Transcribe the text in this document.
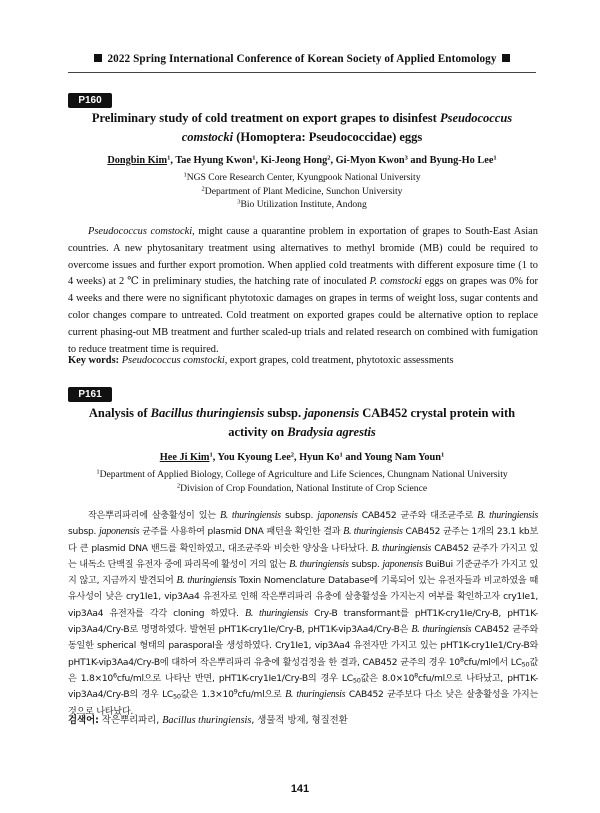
2022 Spring International Conference of Korean Society of Applied Entomology
P160
Preliminary study of cold treatment on export grapes to disinfest Pseudococcus comstocki (Homoptera: Pseudococcidae) eggs
Dongbin Kim$^1$, Tae Hyung Kwon$^1$, Ki-Jeong Hong$^2$, Gi-Myon Kwon$^3$ and Byung-Ho Lee$^1$
$^1$NGS Core Research Center, Kyungpook National University
$^2$Department of Plant Medicine, Sunchon University
$^3$Bio Utilization Institute, Andong
Pseudococcus comstocki, might cause a quarantine problem in exportation of grapes to South-East Asian countries. A new phytosanitary treatment using alternatives to methyl bromide (MB) could be required to overcome issues and further export promotion. When applied cold treatments with different exposure time (1 to 4 weeks) at 2 ℃ in preliminary studies, the hatching rate of inoculated P. comstocki eggs on grapes was 0% for 4 weeks and there were no significant phytotoxic damages on grapes in terms of weight loss, sugar contents and color changes compare to untreated. Cold treatment on exported grapes could be alternative option to replace current phasing-out MB treatment and further scaled-up trials and related research on combined with fumigation to reduce treatment time is required.
Key words: Pseudococcus comstocki, export grapes, cold treatment, phytotoxic assessments
P161
Analysis of Bacillus thuringiensis subsp. japonensis CAB452 crystal protein with activity on Bradysia agrestis
Hee Ji Kim$^1$, You Kyoung Lee$^2$, Hyun Ko$^1$ and Young Nam Youn$^1$
$^1$Department of Applied Biology, College of Agriculture and Life Sciences, Chungnam National University
$^2$Division of Crop Foundation, National Institute of Crop Science
작은뿌리파리에 살충활성이 있는 B. thuringiensis subsp. japonensis CAB452 균주와 대조균주로 B. thuringiensis subsp. japonensis 균주를 사용하여 plasmid DNA 패턴을 확인한 결과 B. thuringiensis CAB452 균주는 1개의 23.1 kb보다 큰 plasmid DNA 밴드를 확인하였고, 대조균주와 비슷한 양상을 나타났다. B. thuringiensis CAB452 균주가 가지고 있는 내독소 단백질 유전자 중에 파리목에 활성이 거의 없는 B. thuringiensis subsp. japonensis BuiBui 기준균주가 가지고 있지 않고, 지금까지 발견되어 B. thuringiensis Toxin Nomenclature Database에 기록되어 있는 유전자들과 비교하였을 때 유사성이 낮은 cry1Ie1, vip3Aa4 유전자로 인해 작은뿌리파리 유충에 살충활성을 가지는지 여부를 확인하고자 cry1Ie1, vip3Aa4 유전자를 각각 cloning 하였다. B. thuringiensis Cry-B transformant를 pHT1K-cry1Ie/Cry-B, pHT1K-vip3Aa4/Cry-B로 명명하였다. 발현된 pHT1K-cry1Ie/Cry-B, pHT1K-vip3Aa4/Cry-B은 B. thuringiensis CAB452 균주와 동일한 spherical 형태의 parasporal을 생성하였다. Cry1Ie1, vip3Aa4 유전자만 가지고 있는 pHT1K-cry1Ie1/Cry-B와 pHT1K-vip3Aa4/Cry-B에 대하여 작은뿌리파리 유충에 활성검정을 한 결과, CAB452 균주의 경우 $10^8cfu/ml$에서 $LC_{50}$값은 $1.8\times 10^6cfu/ml$으로 나타난 반면, pHT1K-cry1Ie1/Cry-B의 경우 $LC_{50}$값은 $8.0\times 10^8cfu/ml$으로 나타났고, pHT1K-vip3Aa4/Cry-B의 경우 $LC_{50}$값은 $1.3\times 10^9cfu/ml$으로 B. thuringiensis CAB452 균주보다 다소 낮은 살충활성을 가지는 것으로 나타났다.
검색어: 작은뿌리파리, Bacillus thuringiensis, 생물적 방제, 형질전환
141
